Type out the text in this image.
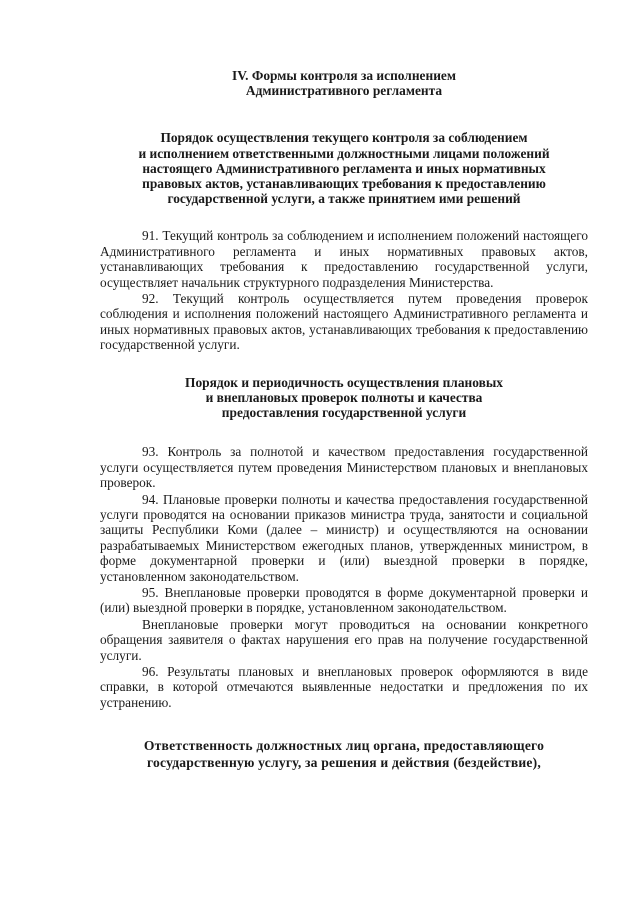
IV. Формы контроля за исполнением
Административного регламента
Порядок осуществления текущего контроля за соблюдением
и исполнением ответственными должностными лицами положений
настоящего Административного регламента и иных нормативных
правовых актов, устанавливающих требования к предоставлению
государственной услуги, а также принятием ими решений

91. Текущий контроль за соблюдением и исполнением положений настоящего Административного регламента и иных нормативных правовых актов, устанавливающих требования к предоставлению государственной услуги, осуществляет начальник структурного подразделения Министерства.

92. Текущий контроль осуществляется путем проведения проверок соблюдения и исполнения положений настоящего Административного регламента и иных нормативных правовых актов, устанавливающих требования к предоставлению государственной услуги.

Порядок и периодичность осуществления плановых
и внеплановых проверок полноты и качества
предоставления государственной услуги

93. Контроль за полнотой и качеством предоставления государственной услуги осуществляется путем проведения Министерством плановых и внеплановых проверок.

94. Плановые проверки полноты и качества предоставления государственной услуги проводятся на основании приказов министра труда, занятости и социальной защиты Республики Коми (далее – министр) и осуществляются на основании разрабатываемых Министерством ежегодных планов, утвержденных министром, в форме документарной проверки и (или) выездной проверки в порядке, установленном законодательством.

95. Внеплановые проверки проводятся в форме документарной проверки и (или) выездной проверки в порядке, установленном законодательством.

Внеплановые проверки могут проводиться на основании конкретного обращения заявителя о фактах нарушения его прав на получение государственной услуги.

96. Результаты плановых и внеплановых проверок оформляются в виде справки, в которой отмечаются выявленные недостатки и предложения по их устранению.

Ответственность должностных лиц органа, предоставляющего
государственную услугу, за решения и действия (бездействие),
